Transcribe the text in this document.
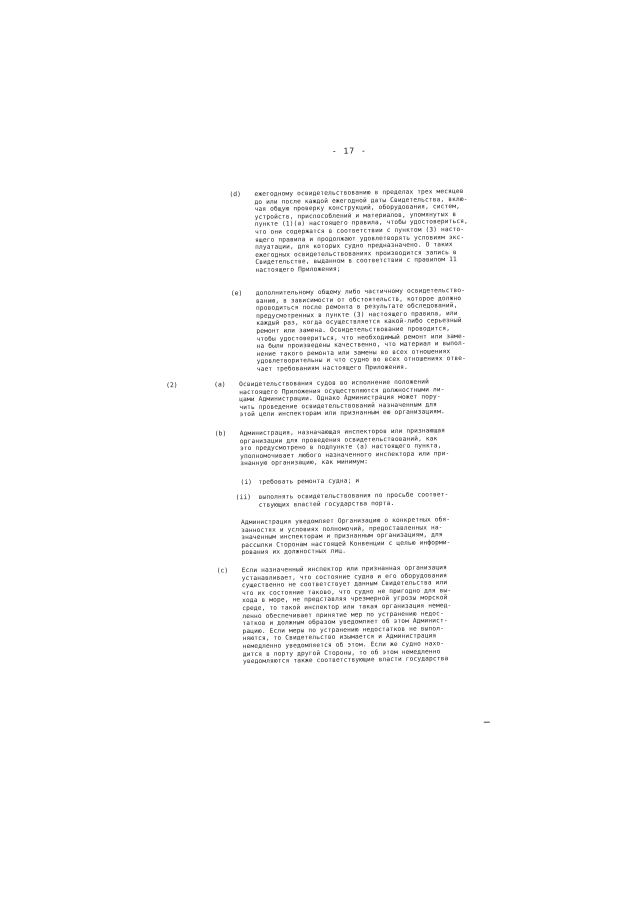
- 17 -
(d) ежегодному освидетельствованию в пределах трех месяцев
до или после каждой ежегодной даты Свидетельства, вклю-
чая общую проверку конструкций, оборудования, систем,
устройств, приспособлений и материалов, упомянутых в
пункте (1)(а) настоящего правила, чтобы удостовериться,
что они содержатся в соответствии с пунктом (3) насто-
ящего правила и продолжают удовлетворять условиям экс-
плуатации, для которых судно предназначено. О таких
ежегодных освидетельствованиях производится запись в
Свидетельстве, выданном в соответствии с правилом 11
настоящего Приложения;
(e) дополнительному общему либо частичному освидетельство-
ванию, в зависимости от обстоятельств, которое должно
проводиться после ремонта в результате обследований,
предусмотренных в пункте (3) настоящего правила, или
каждый раз, когда осуществляется какой-либо серьезный
ремонт или замена. Освидетельствование проводится,
чтобы удостовериться, что необходимый ремонт или заме-
на были произведены качественно, что материал и выпол-
нение такого ремонта или замены во всех отношениях
удовлетворительны и что судно во всех отношениях отве-
чает требованиям настоящего Приложения.
(2)	(a) Освидетельствования судов во исполнение положений
настоящего Приложения осуществляются должностными ли-
цами Администрации. Однако Администрация может пору-
чить проведение освидетельствований назначенным для
этой цели инспекторам или признанным ею организациям.
(b) Администрация, назначающая инспекторов или признающая
организации для проведения освидетельствований, как
это предусмотрено в подпункте (а) настоящего пункта,
уполномочивает любого назначенного инспектора или при-
знанную организацию, как минимум:
(i) требовать ремонта судна; и
(ii) выполнять освидетельствования по просьбе соответ-
ствующих властей государства порта.
Администрация уведомляет Организацию о конкретных обя-
занностях и условиях полномочий, предоставленных на-
значенным инспекторам и признанным организациям, для
рассылки Сторонам настоящей Конвенции с целью информи-
рования их должностных лиц.
(c) Если назначенный инспектор или признанная организация
устанавливает, что состояние судна и его оборудования
существенно не соответствует данным Свидетельства или
что их состояние таково, что судно не пригодно для вы-
хода в море, не представляя чрезмерной угрозы морской
среде, то такой инспектор или такая организация немед-
ленно обеспечивает принятие мер по устранению недос-
татков и должным образом уведомляет об этом Админист-
рацию. Если меры по устранению недостатков не выпол-
няются, то Свидетельство изымается и Администрация
немедленно уведомляется об этом. Если же судно нахо-
дится в порту другой Стороны, то об этом немедленно
уведомляются также соответствующие власти государства
